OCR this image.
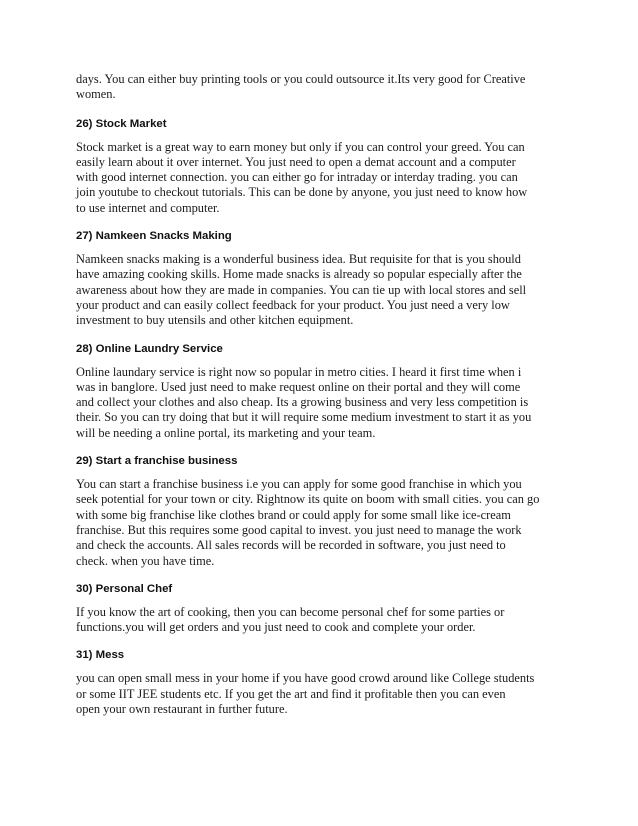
days. You can either buy printing tools or you could outsource it.Its very good for Creative
women.

26) Stock Market

Stock market is a great way to earn money but only if you can control your greed. You can
easily learn about it over internet. You just need to open a demat account and a computer
with good internet connection. you can either go for intraday or interday trading. you can
join youtube to checkout tutorials. This can be done by anyone, you just need to know how
to use internet and computer.

27) Namkeen Snacks Making

Namkeen snacks making is a wonderful business idea. But requisite for that is you should
have amazing cooking skills. Home made snacks is already so popular especially after the
awareness about how they are made in companies. You can tie up with local stores and sell
your product and can easily collect feedback for your product. You just need a very low
investment to buy utensils and other kitchen equipment.

28) Online Laundry Service

Online laundary service is right now so popular in metro cities. I heard it first time when i
was in banglore. Used just need to make request online on their portal and they will come
and collect your clothes and also cheap. Its a growing business and very less competition is
their. So you can try doing that but it will require some medium investment to start it as you
will be needing a online portal, its marketing and your team.

29) Start a franchise business

You can start a franchise business i.e you can apply for some good franchise in which you
seek potential for your town or city. Rightnow its quite on boom with small cities. you can go
with some big franchise like clothes brand or could apply for some small like ice-cream
franchise. But this requires some good capital to invest. you just need to manage the work
and check the accounts. All sales records will be recorded in software, you just need to
check. when you have time.

30) Personal Chef

If you know the art of cooking, then you can become personal chef for some parties or
functions.you will get orders and you just need to cook and complete your order.

31) Mess

you can open small mess in your home if you have good crowd around like College students
or some IIT JEE students etc. If you get the art and find it profitable then you can even
open your own restaurant in further future.
